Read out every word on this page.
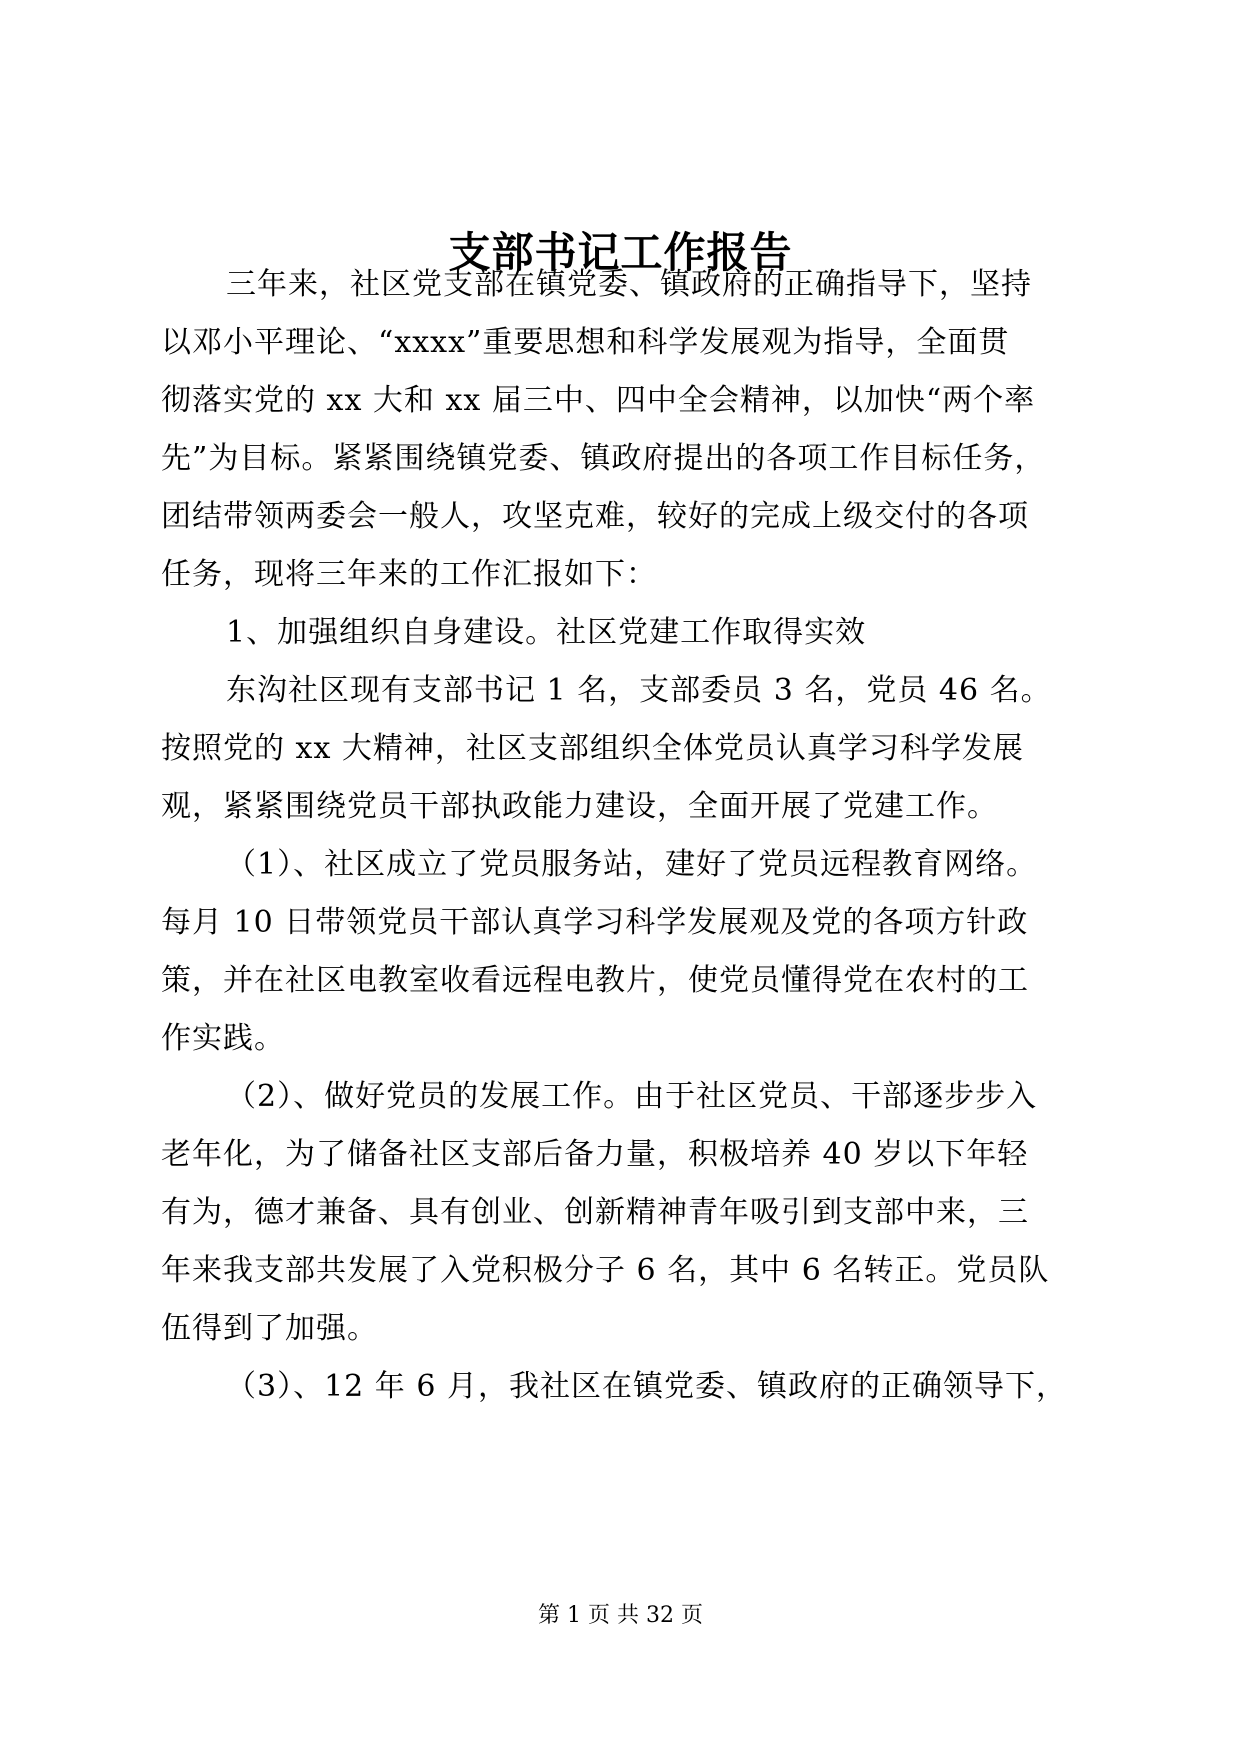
支部书记工作报告
三年来，社区党支部在镇党委、镇政府的正确指导下，坚持
以邓小平理论、“xxxx”重要思想和科学发展观为指导，全面贯
彻落实党的 xx 大和 xx 届三中、四中全会精神，以加快“两个率
先”为目标。紧紧围绕镇党委、镇政府提出的各项工作目标任务，
团结带领两委会一般人，攻坚克难，较好的完成上级交付的各项
任务，现将三年来的工作汇报如下：
1、加强组织自身建设。社区党建工作取得实效
东沟社区现有支部书记 1 名，支部委员 3 名，党员 46 名。
按照党的 xx 大精神，社区支部组织全体党员认真学习科学发展
观，紧紧围绕党员干部执政能力建设，全面开展了党建工作。
（1）、社区成立了党员服务站，建好了党员远程教育网络。
每月 10 日带领党员干部认真学习科学发展观及党的各项方针政
策，并在社区电教室收看远程电教片，使党员懂得党在农村的工
作实践。
（2）、做好党员的发展工作。由于社区党员、干部逐步步入
老年化，为了储备社区支部后备力量，积极培养 40 岁以下年轻
有为，德才兼备、具有创业、创新精神青年吸引到支部中来，三
年来我支部共发展了入党积极分子 6 名，其中 6 名转正。党员队
伍得到了加强。
（3）、12 年 6 月，我社区在镇党委、镇政府的正确领导下，
第 1 页 共 32 页
